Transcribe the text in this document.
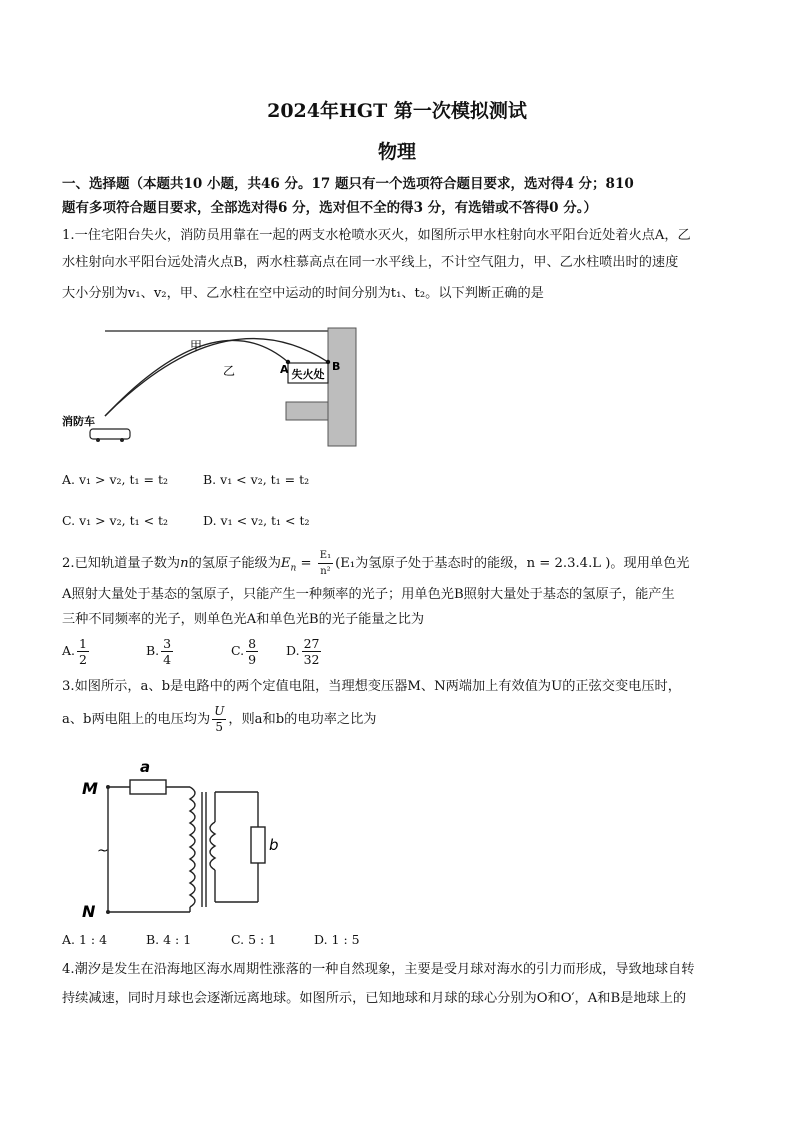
2024年HGT 第一次模拟测试
物理
一、选择题（本题共10 小题，共46 分。17 题只有一个选项符合题目要求，选对得4 分；810
题有多项符合题目要求，全部选对得6 分，选对但不全的得3 分，有选错或不答得0 分。）
1.一住宅阳台失火，消防员用靠在一起的两支水枪喷水灭火，如图所示甲水柱射向水平阳台近处着火点A，乙
水柱射向水平阳台远处清火点B，两水柱慕高点在同一水平线上，不计空气阻力，甲、乙水柱喷出时的速度
大小分别为v₁、v₂，甲、乙水柱在空中运动的时间分别为t₁、t₂。以下判断正确的是
失火处
甲
乙	A	B
消防车
A. v₁ > v₂, t₁ = t₂	B. v₁ < v₂, t₁ = t₂
C. v₁ > v₂, t₁ < t₂	D. v₁ < v₂, t₁ < t₂
2.已知轨道量子数为n的氢原子能级为$E_n = \frac{\text{E₁}}{\text{n²}} (E_1$为氢原子处于基态时的能级，n = 2.3.4.L )。现用单色光
A照射大量处于基态的氢原子，只能产生一种频率的光子；用单色光B照射大量处于基态的氢原子，能产生
三种不同频率的光子，则单色光A和单色光B的光子能量之比为
A. $\frac{1}{2}$	B. $\frac{3}{4}$	C. $\frac{8}{9} D$. $\frac{27}{32}$
3.如图所示，a、b是电路中的两个定值电阻，当理想变压器M、N两端加上有效值为U的正弦交变电压时，
a、b两电阻上的电压均为 $\frac{U}{5}$ ，则a和b的电功率之比为
M
N
a
b
~
A. 1 : 4	B. 4 : 1	C. 5 : 1	D. 1 : 5
4.潮汐是发生在沿海地区海水周期性涨落的一种自然现象，主要是受月球对海水的引力而形成，导致地球自转
持续减速，同时月球也会逐渐远离地球。如图所示，已知地球和月球的球心分别为O和O′，A和B是地球上的
